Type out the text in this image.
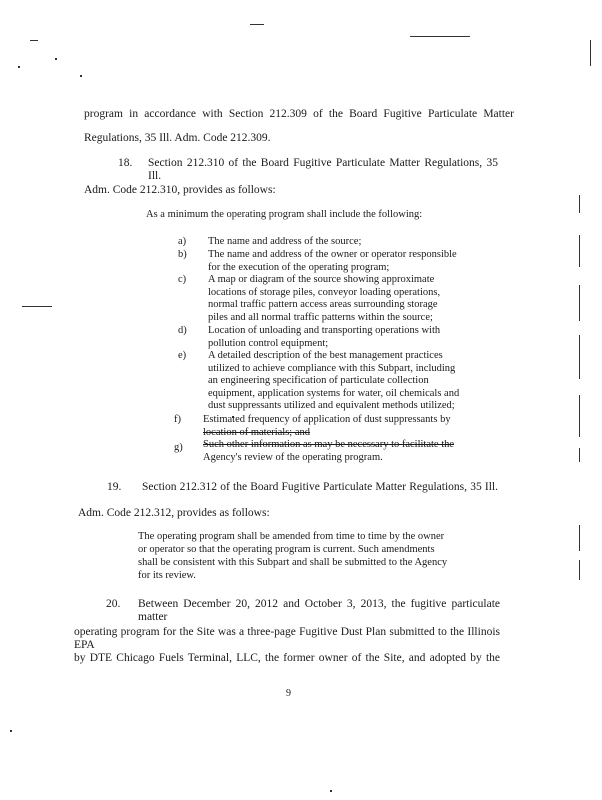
program in accordance with Section 212.309 of the Board Fugitive Particulate Matter
Regulations, 35 Ill. Adm. Code 212.309.
18. Section 212.310 of the Board Fugitive Particulate Matter Regulations, 35 Ill.
Adm. Code 212.310, provides as follows:
As a minimum the operating program shall include the following:
a) The name and address of the source;
b) The name and address of the owner or operator responsible
for the execution of the operating program;
c) A map or diagram of the source showing approximate
locations of storage piles, conveyor loading operations,
normal traffic pattern access areas surrounding storage
piles and all normal traffic patterns within the source;
d) Location of unloading and transporting operations with
pollution control equipment;
e) A detailed description of the best management practices
utilized to achieve compliance with this Subpart, including
an engineering specification of particulate collection
equipment, application systems for water, oil chemicals and
dust suppressants utilized and equivalent methods utilized;
f) Estimated frequency of application of dust suppressants by
location of materials; and
g) Such other information as may be necessary to facilitate the
Agency's review of the operating program.
19. Section 212.312 of the Board Fugitive Particulate Matter Regulations, 35 Ill.
Adm. Code 212.312, provides as follows:
The operating program shall be amended from time to time by the owner
or operator so that the operating program is current. Such amendments
shall be consistent with this Subpart and shall be submitted to the Agency
for its review.
20. Between December 20, 2012 and October 3, 2013, the fugitive particulate matter
operating program for the Site was a three-page Fugitive Dust Plan submitted to the Illinois EPA
by DTE Chicago Fuels Terminal, LLC, the former owner of the Site, and adopted by the
9
